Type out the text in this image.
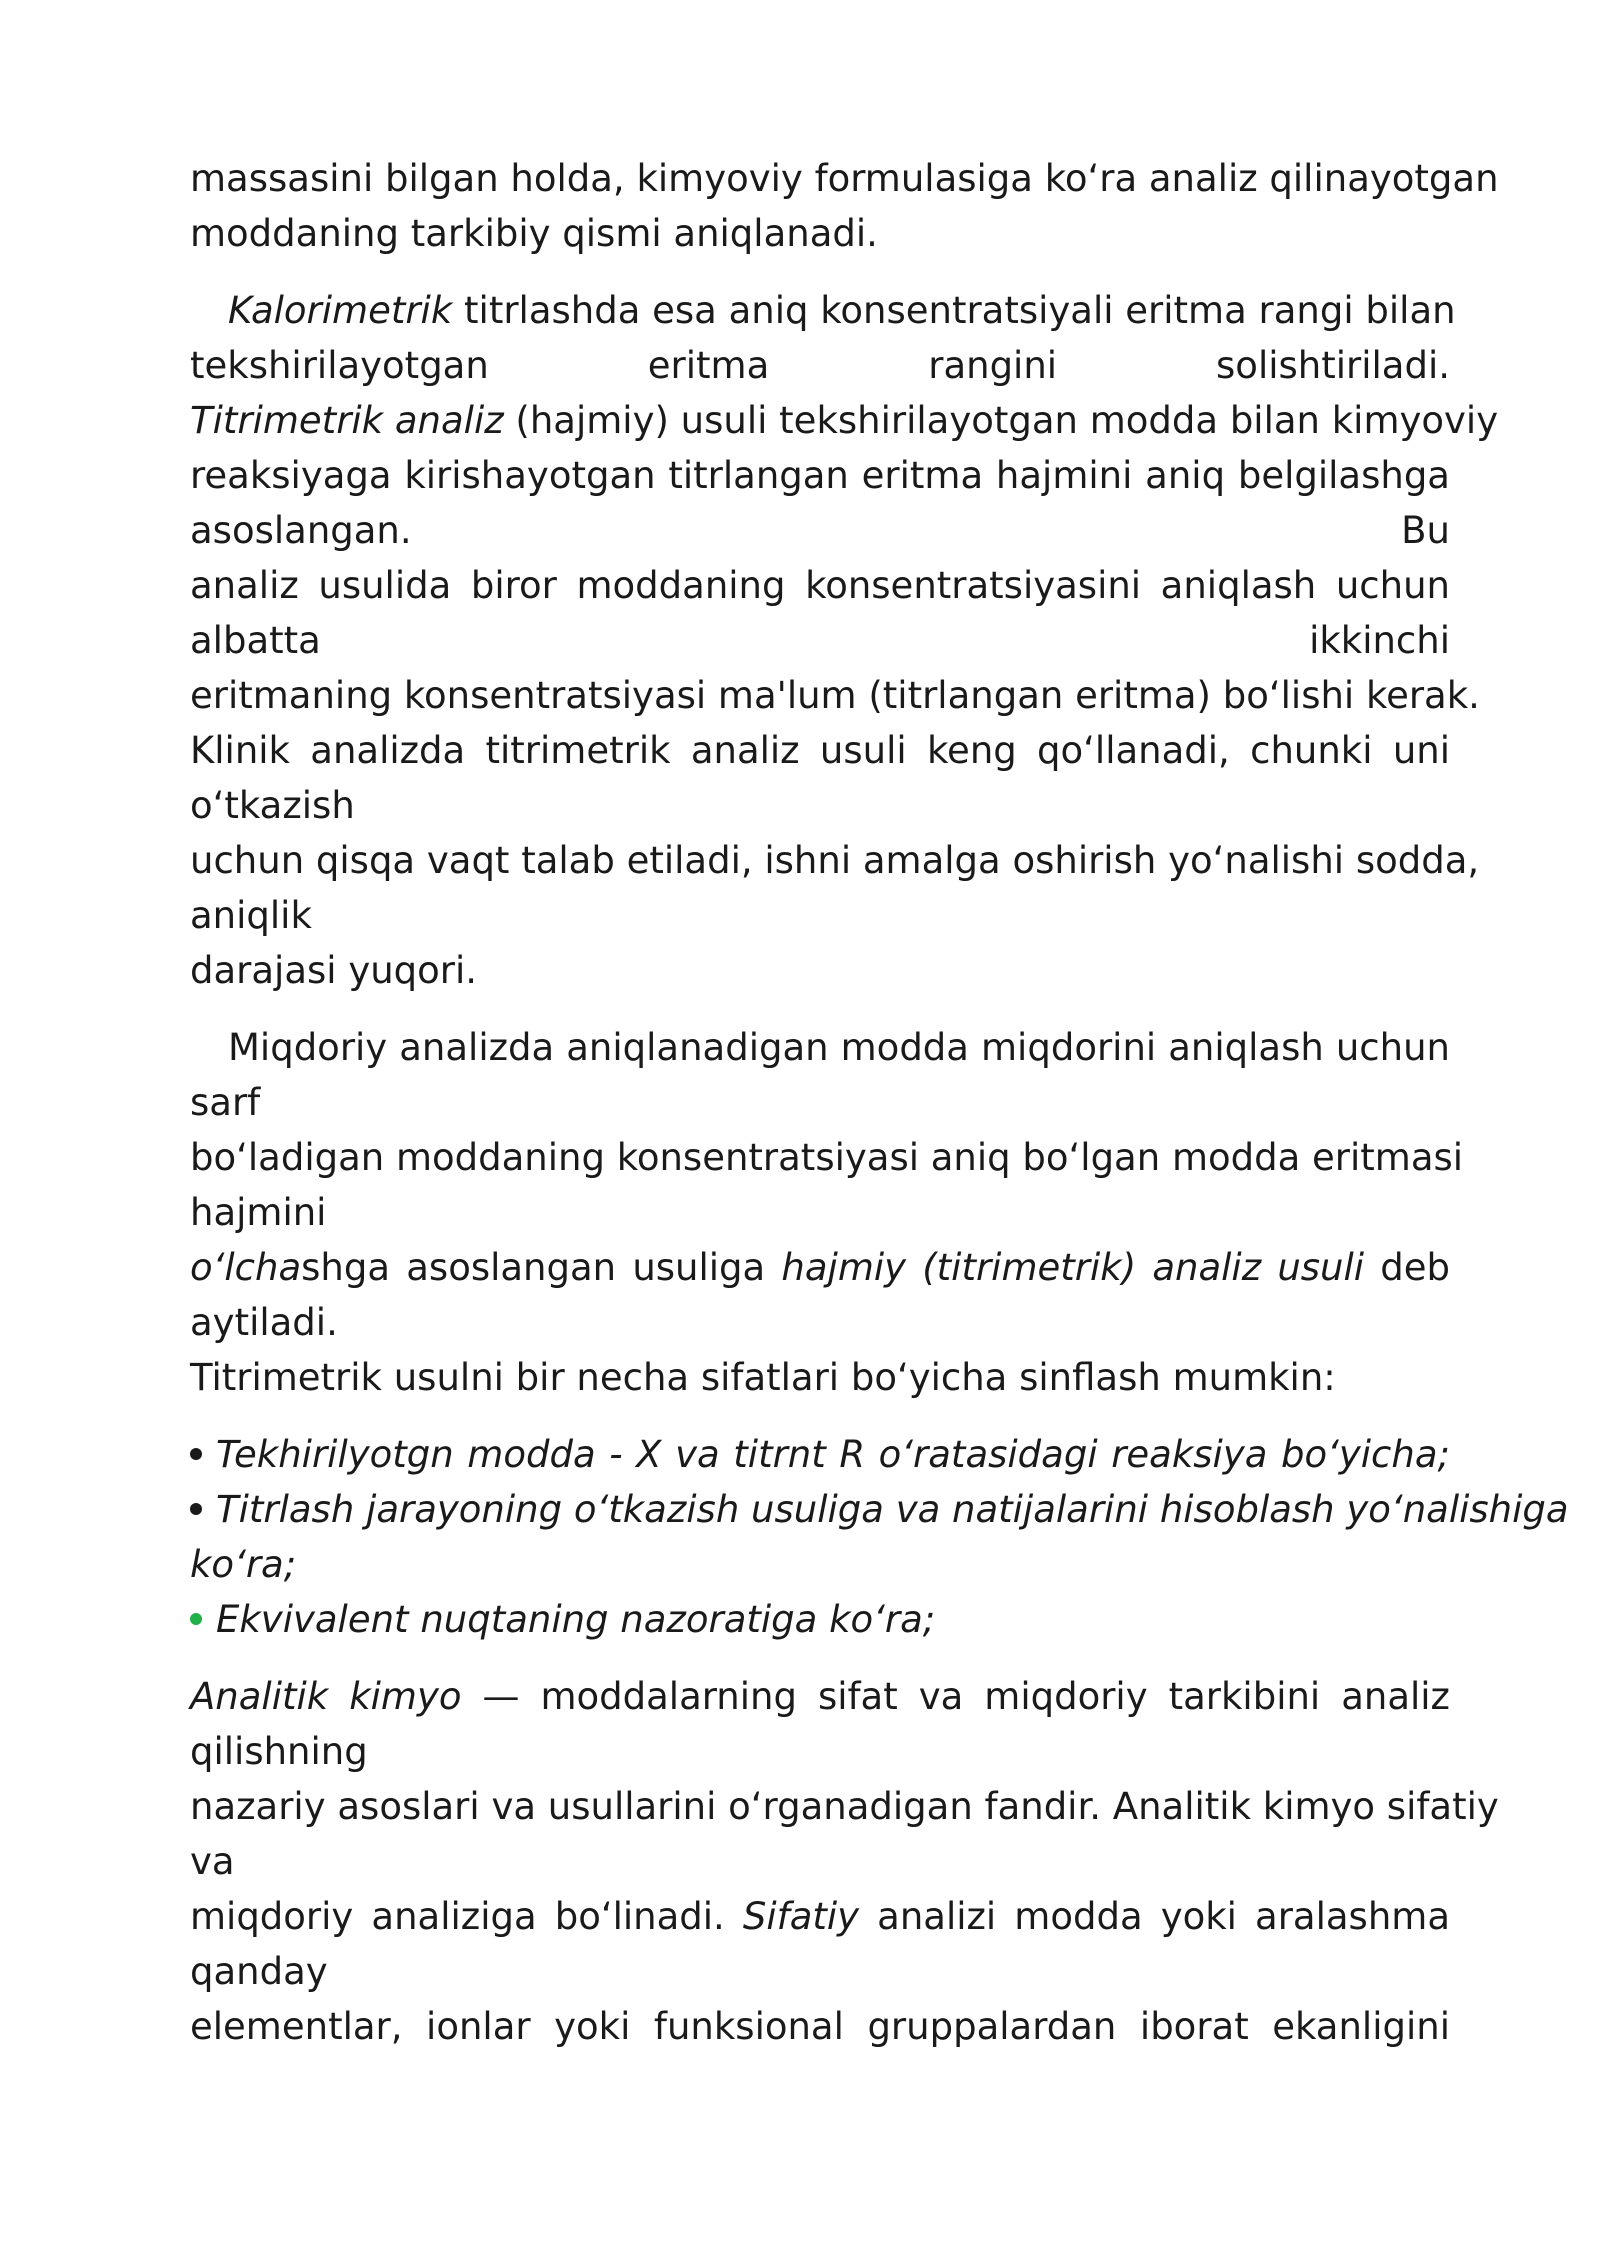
massasini bilgan holda, kimyoviy formulasiga ko‘ra analiz qilinayotgan
moddaning tarkibiy qismi aniqlanadi.
Kalorimetrik titrlashda esa aniq konsentratsiyali eritma rangi bilan
tekshirilayotgan eritma rangini solishtiriladi.
Titrimetrik analiz (hajmiy) usuli tekshirilayotgan modda bilan kimyoviy
reaksiyaga kirishayotgan titrlangan eritma hajmini aniq belgilashga
asoslangan.	Bu
analiz usulida biror moddaning konsentratsiyasini aniqlash uchun
albatta	ikkinchi
eritmaning konsentratsiyasi ma'lum (titrlangan eritma) bo‘lishi kerak.
Klinik analizda titrimetrik analiz usuli keng qo‘llanadi, chunki uni
o‘tkazish
uchun qisqa vaqt talab etiladi, ishni amalga oshirish yo‘nalishi sodda,
aniqlik
darajasi yuqori.
Miqdoriy analizda aniqlanadigan modda miqdorini aniqlash uchun
sarf
bo‘ladigan moddaning konsentratsiyasi aniq bo‘lgan modda eritmasi
hajmini
o‘lchashga asoslangan usuliga hajmiy (titrimetrik) analiz usuli deb
aytiladi.
Titrimetrik usulni bir necha sifatlari bo‘yicha sinflash mumkin:
Tekhirilyotgn modda - X va titrnt R o‘ratasidagi reaksiya bo‘yicha;
Titrlash jarayoning o‘tkazish usuliga va natijalarini hisoblash yo‘nalishiga
ko‘ra;
Ekvivalent nuqtaning nazoratiga ko‘ra;
Analitik kimyo — moddalarning sifat va miqdoriy tarkibini analiz
qilishning
nazariy asoslari va usullarini o‘rganadigan fandir. Analitik kimyo sifatiy
va
miqdoriy analiziga bo‘linadi. Sifatiy analizi modda yoki aralashma
qanday
elementlar, ionlar yoki funksional gruppalardan iborat ekanligini
